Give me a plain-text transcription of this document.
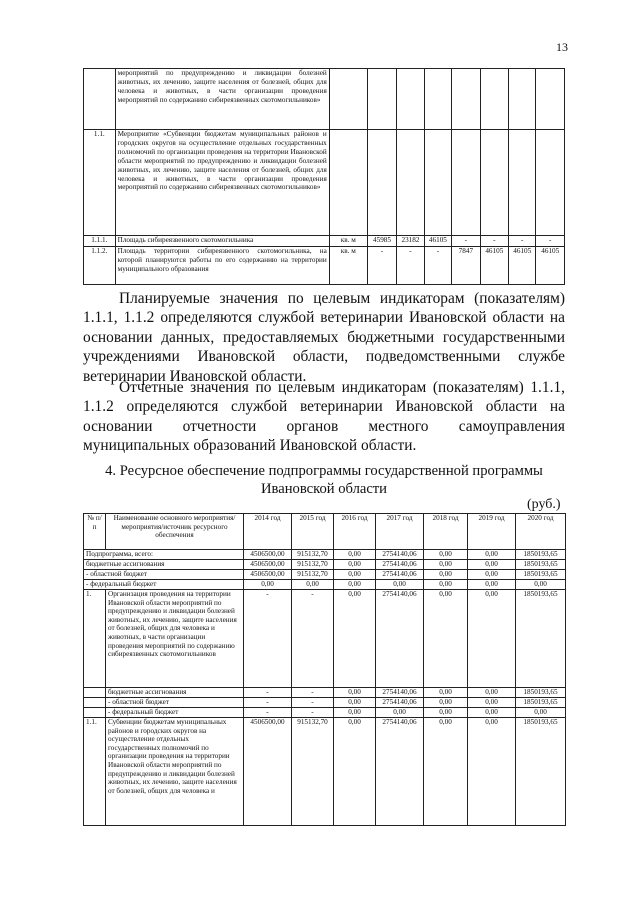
13
	мероприятий по предупреждению и ликвидации болезней животных, их лечению, защите населения от болезней, общих для человека и животных, в части организации проведения мероприятий по содержанию сибиреязвенных скотомогильников»								
1.1.	Мероприятие «Субвенции бюджетам муниципальных районов и городских округов на осуществление отдельных государственных полномочий по организации проведения на территории Ивановской области мероприятий по предупреждению и ликвидации болезней животных, их лечению, защите населения от болезней, общих для человека и животных, в части организации проведения мероприятий по содержанию сибиреязвенных скотомогильников»								
1.1.1.	Площадь сибиреязвенного скотомогильника	кв. м	45985	23182	46105	-	-	-	-
1.1.2.	Площадь территории сибиреязвенного скотомогильника, на которой планируются работы по его содержанию на территории муниципального образования	кв. м	-	-	-	7847	46105	46105	46105

Планируемые значения по целевым индикаторам (показателям) 1.1.1, 1.1.2 определяются службой ветеринарии Ивановской области на основании данных, предоставляемых бюджетными государственными учреждениями Ивановской области, подведомственными службе ветеринарии Ивановской области.

Отчетные значения по целевым индикаторам (показателям) 1.1.1, 1.1.2 определяются службой ветеринарии Ивановской области на основании отчетности органов местного самоуправления муниципальных образований Ивановской области.

4. Ресурсное обеспечение подпрограммы государственной программы Ивановской области

(руб.)
№ п/п	Наименование основного мероприятия/ мероприятия/источник ресурсного обеспечения	2014 год	2015 год	2016 год	2017 год	2018 год	2019 год	2020 год
Подпрограмма, всего:		4506500,00	915132,70	0,00	2754140,06	0,00	0,00	1850193,65
бюджетные ассигнования		4506500,00	915132,70	0,00	2754140,06	0,00	0,00	1850193,65
- областной бюджет		4506500,00	915132,70	0,00	2754140,06	0,00	0,00	1850193,65
- федеральный бюджет		0,00	0,00	0,00	0,00	0,00	0,00	0,00
1.	Организация проведения на территории Ивановской области мероприятий по предупреждению и ликвидации болезней животных, их лечению, защите населения от болезней, общих для человека и животных, в части организации проведения мероприятий по содержанию сибиреязвенных скотомогильников	-	-	0,00	2754140,06	0,00	0,00	1850193,65
	бюджетные ассигнования	-	-	0,00	2754140,06	0,00	0,00	1850193,65
	- областной бюджет	-	-	0,00	2754140,06	0,00	0,00	1850193,65
	- федеральный бюджет	-	-	0,00	0,00	0,00	0,00	0,00
1.1.	Субвенции бюджетам муниципальных районов и городских округов на осуществление отдельных государственных полномочий по организации проведения на территории Ивановской области мероприятий по предупреждению и ликвидации болезней животных, их лечению, защите населения от болезней, общих для человека и	4506500,00	915132,70	0,00	2754140,06	0,00	0,00	1850193,65
